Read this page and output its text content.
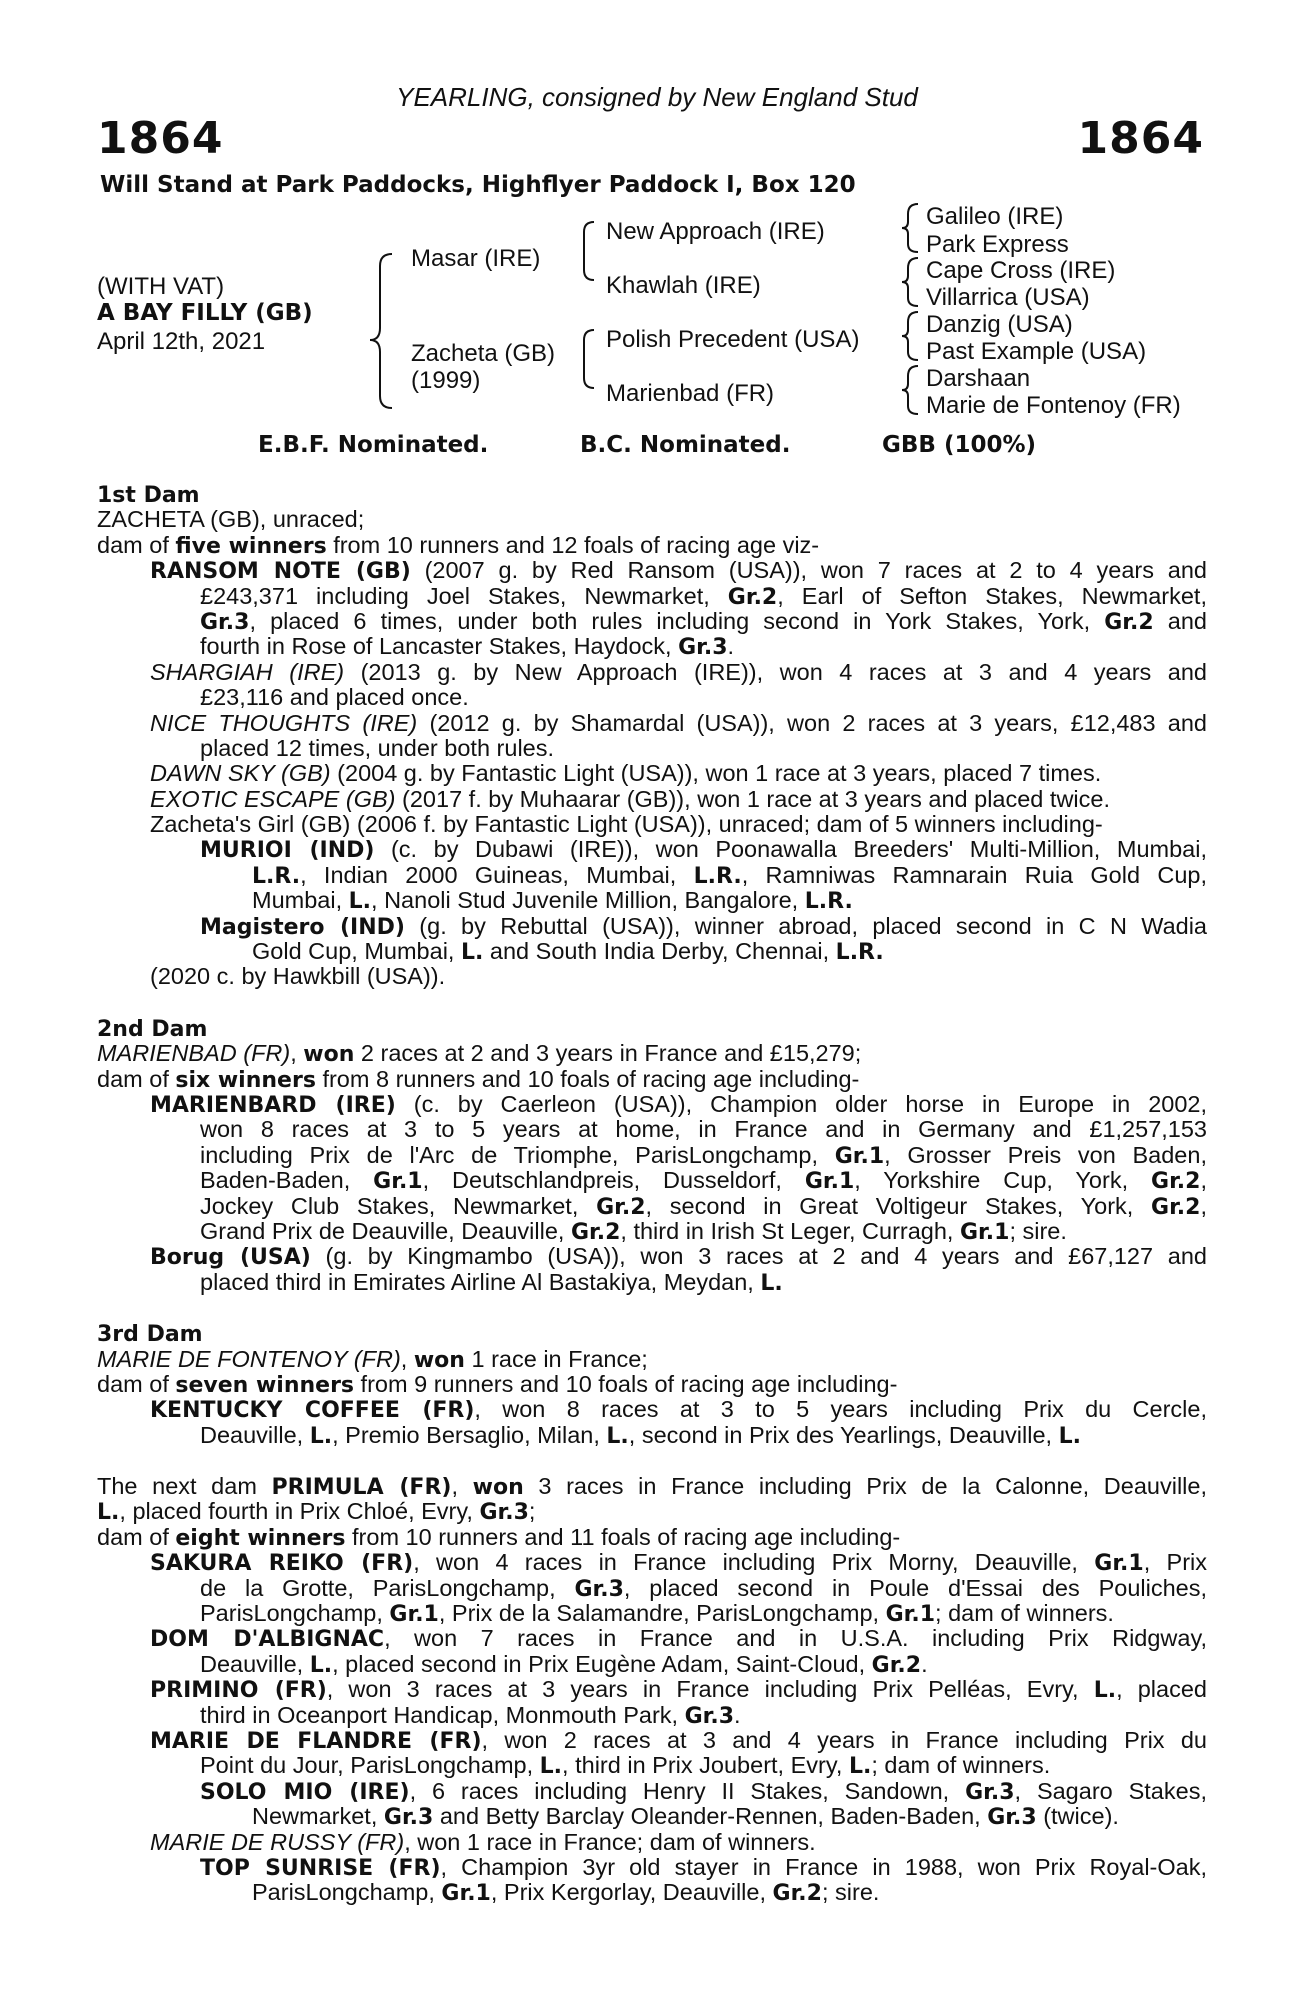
YEARLING, consigned by New England Stud
1864	1864
Will Stand at Park Paddocks, Highflyer Paddock I, Box 120
(WITH VAT)
A BAY FILLY (GB)
April 12th, 2021
Masar (IRE)
Zacheta (GB)
(1999)
New Approach (IRE)
Khawlah (IRE)
Polish Precedent (USA)
Marienbad (FR)
Galileo (IRE)
Park Express
Cape Cross (IRE)
Villarrica (USA)
Danzig (USA)
Past Example (USA)
Darshaan
Marie de Fontenoy (FR)
E.B.F. Nominated.	B.C. Nominated.	GBB (100%)
1st Dam
ZACHETA (GB), unraced;
dam of five winners from 10 runners and 12 foals of racing age viz-
RANSOM NOTE (GB) (2007 g. by Red Ransom (USA)), won 7 races at 2 to 4 years and
£243,371 including Joel Stakes, Newmarket, Gr.2, Earl of Sefton Stakes, Newmarket,
Gr.3, placed 6 times, under both rules including second in York Stakes, York, Gr.2 and
fourth in Rose of Lancaster Stakes, Haydock, Gr.3.
SHARGIAH (IRE) (2013 g. by New Approach (IRE)), won 4 races at 3 and 4 years and
£23,116 and placed once.
NICE THOUGHTS (IRE) (2012 g. by Shamardal (USA)), won 2 races at 3 years, £12,483 and
placed 12 times, under both rules.
DAWN SKY (GB) (2004 g. by Fantastic Light (USA)), won 1 race at 3 years, placed 7 times.
EXOTIC ESCAPE (GB) (2017 f. by Muhaarar (GB)), won 1 race at 3 years and placed twice.
Zacheta's Girl (GB) (2006 f. by Fantastic Light (USA)), unraced; dam of 5 winners including-
MURIOI (IND) (c. by Dubawi (IRE)), won Poonawalla Breeders' Multi-Million, Mumbai,
L.R., Indian 2000 Guineas, Mumbai, L.R., Ramniwas Ramnarain Ruia Gold Cup,
Mumbai, L., Nanoli Stud Juvenile Million, Bangalore, L.R.
Magistero (IND) (g. by Rebuttal (USA)), winner abroad, placed second in C N Wadia
Gold Cup, Mumbai, L. and South India Derby, Chennai, L.R.
(2020 c. by Hawkbill (USA)).
2nd Dam
MARIENBAD (FR), won 2 races at 2 and 3 years in France and £15,279;
dam of six winners from 8 runners and 10 foals of racing age including-
MARIENBARD (IRE) (c. by Caerleon (USA)), Champion older horse in Europe in 2002,
won 8 races at 3 to 5 years at home, in France and in Germany and £1,257,153
including Prix de l'Arc de Triomphe, ParisLongchamp, Gr.1, Grosser Preis von Baden,
Baden-Baden, Gr.1, Deutschlandpreis, Dusseldorf, Gr.1, Yorkshire Cup, York, Gr.2,
Jockey Club Stakes, Newmarket, Gr.2, second in Great Voltigeur Stakes, York, Gr.2,
Grand Prix de Deauville, Deauville, Gr.2, third in Irish St Leger, Curragh, Gr.1; sire.
Borug (USA) (g. by Kingmambo (USA)), won 3 races at 2 and 4 years and £67,127 and
placed third in Emirates Airline Al Bastakiya, Meydan, L.
3rd Dam
MARIE DE FONTENOY (FR), won 1 race in France;
dam of seven winners from 9 runners and 10 foals of racing age including-
KENTUCKY COFFEE (FR), won 8 races at 3 to 5 years including Prix du Cercle,
Deauville, L., Premio Bersaglio, Milan, L., second in Prix des Yearlings, Deauville, L.
The next dam PRIMULA (FR), won 3 races in France including Prix de la Calonne, Deauville,
L., placed fourth in Prix Chloé, Evry, Gr.3;
dam of eight winners from 10 runners and 11 foals of racing age including-
SAKURA REIKO (FR), won 4 races in France including Prix Morny, Deauville, Gr.1, Prix
de la Grotte, ParisLongchamp, Gr.3, placed second in Poule d'Essai des Pouliches,
ParisLongchamp, Gr.1, Prix de la Salamandre, ParisLongchamp, Gr.1; dam of winners.
DOM D'ALBIGNAC, won 7 races in France and in U.S.A. including Prix Ridgway,
Deauville, L., placed second in Prix Eugène Adam, Saint-Cloud, Gr.2.
PRIMINO (FR), won 3 races at 3 years in France including Prix Pelléas, Evry, L., placed
third in Oceanport Handicap, Monmouth Park, Gr.3.
MARIE DE FLANDRE (FR), won 2 races at 3 and 4 years in France including Prix du
Point du Jour, ParisLongchamp, L., third in Prix Joubert, Evry, L.; dam of winners.
SOLO MIO (IRE), 6 races including Henry II Stakes, Sandown, Gr.3, Sagaro Stakes,
Newmarket, Gr.3 and Betty Barclay Oleander-Rennen, Baden-Baden, Gr.3 (twice).
MARIE DE RUSSY (FR), won 1 race in France; dam of winners.
TOP SUNRISE (FR), Champion 3yr old stayer in France in 1988, won Prix Royal-Oak,
ParisLongchamp, Gr.1, Prix Kergorlay, Deauville, Gr.2; sire.
